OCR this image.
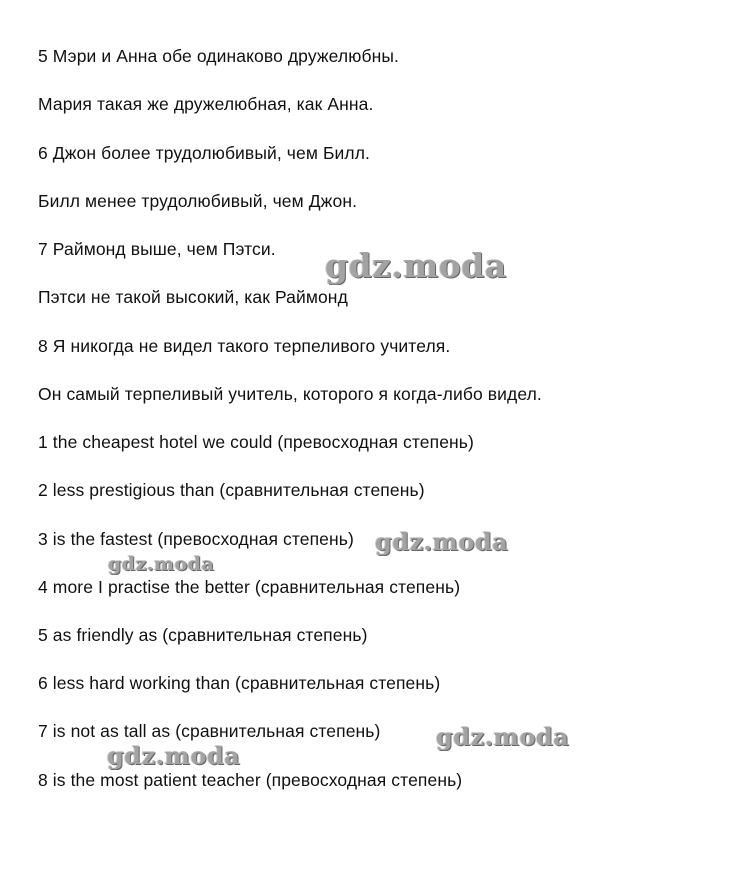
5 Мэри и Анна обе одинаково дружелюбны.
Мария такая же дружелюбная, как Анна.
6 Джон более трудолюбивый, чем Билл.
Билл менее трудолюбивый, чем Джон.
7 Раймонд выше, чем Пэтси.
Пэтси не такой высокий, как Раймонд
8 Я никогда не видел такого терпеливого учителя.
Он самый терпеливый учитель, которого я когда-либо видел.
1 the cheapest hotel we could (превосходная степень)
2 less prestigious than (сравнительная степень)
3 is the fastest (превосходная степень)
4 more I practise the better (сравнительная степень)
5 as friendly as (сравнительная степень)
6 less hard working than (сравнительная степень)
7 is not as tall as (сравнительная степень)
8 is the most patient teacher (превосходная степень)
gdz.moda
gdz.moda
gdz.moda
gdz.moda
gdz.moda
